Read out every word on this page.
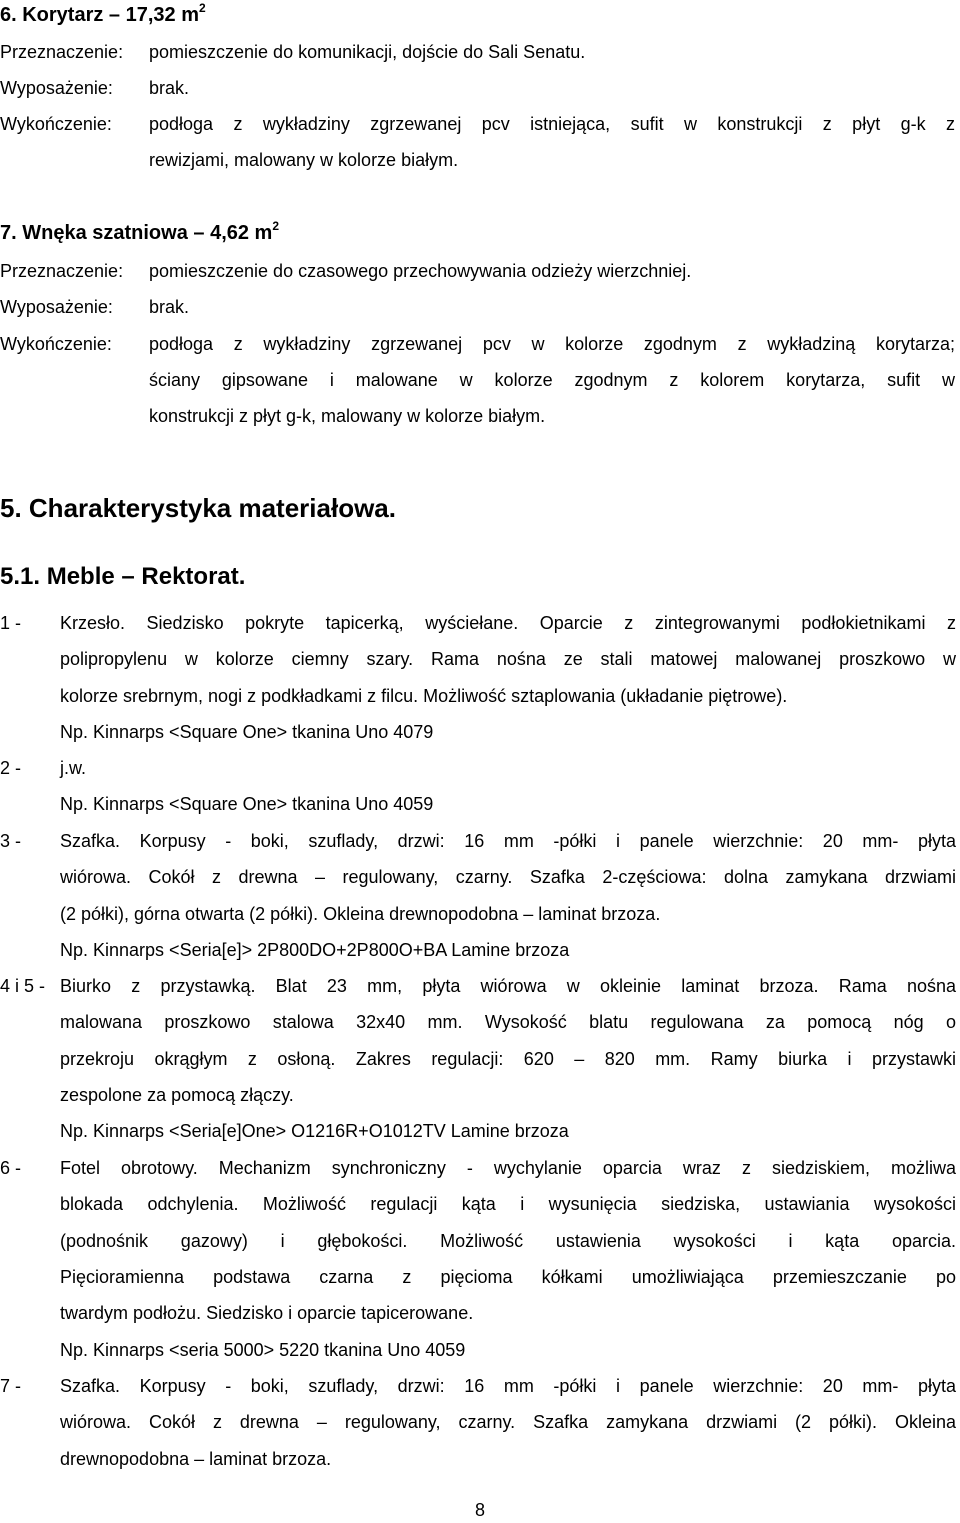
6. Korytarz – 17,32 $m^2$
Przeznaczenie: pomieszczenie do komunikacji, dojście do Sali Senatu.
Wyposażenie: brak.
Wykończenie: podłoga z wykładziny zgrzewanej pcv istniejąca, sufit w konstrukcji z płyt g-k z
rewizjami, malowany w kolorze białym.
7. Wnęka szatniowa – 4,62 $m^2$
Przeznaczenie: pomieszczenie do czasowego przechowywania odzieży wierzchniej.
Wyposażenie: brak.
Wykończenie: podłoga z wykładziny zgrzewanej pcv w kolorze zgodnym z wykładziną korytarza;
ściany gipsowane i malowane w kolorze zgodnym z kolorem korytarza, sufit w
konstrukcji z płyt g-k, malowany w kolorze białym.
5. Charakterystyka materiałowa.
5.1. Meble – Rektorat.
1 - Krzesło. Siedzisko pokryte tapicerką, wyściełane. Oparcie z zintegrowanymi podłokietnikami z
polipropylenu w kolorze ciemny szary. Rama nośna ze stali matowej malowanej proszkowo w
kolorze srebrnym, nogi z podkładkami z filcu. Możliwość sztaplowania (układanie piętrowe).
Np. Kinnarps <Square One> tkanina Uno 4079
2 - j.w.
Np. Kinnarps <Square One> tkanina Uno 4059
3 - Szafka. Korpusy - boki, szuflady, drzwi: 16 mm -półki i panele wierzchnie: 20 mm- płyta
wiórowa. Cokół z drewna – regulowany, czarny. Szafka 2-częściowa: dolna zamykana drzwiami
(2 półki), górna otwarta (2 półki). Okleina drewnopodobna – laminat brzoza.
Np. Kinnarps <Seria[e]> 2P800DO+2P800O+BA Lamine brzoza
4 i 5 - Biurko z przystawką. Blat 23 mm, płyta wiórowa w okleinie laminat brzoza. Rama nośna
malowana proszkowo stalowa 32x40 mm. Wysokość blatu regulowana za pomocą nóg o
przekroju okrągłym z osłoną. Zakres regulacji: 620 – 820 mm. Ramy biurka i przystawki
zespolone za pomocą złączy.
Np. Kinnarps <Seria[e]One> O1216R+O1012TV Lamine brzoza
6 - Fotel obrotowy. Mechanizm synchroniczny - wychylanie oparcia wraz z siedziskiem, możliwa
blokada odchylenia. Możliwość regulacji kąta i wysunięcia siedziska, ustawiania wysokości
(podnośnik gazowy) i głębokości. Możliwość ustawienia wysokości i kąta oparcia.
Pięcioramienna podstawa czarna z pięcioma kółkami umożliwiająca przemieszczanie po
twardym podłożu. Siedzisko i oparcie tapicerowane.
Np. Kinnarps <seria 5000> 5220 tkanina Uno 4059
7 - Szafka. Korpusy - boki, szuflady, drzwi: 16 mm -półki i panele wierzchnie: 20 mm- płyta
wiórowa. Cokół z drewna – regulowany, czarny. Szafka zamykana drzwiami (2 półki). Okleina
drewnopodobna – laminat brzoza.
8
